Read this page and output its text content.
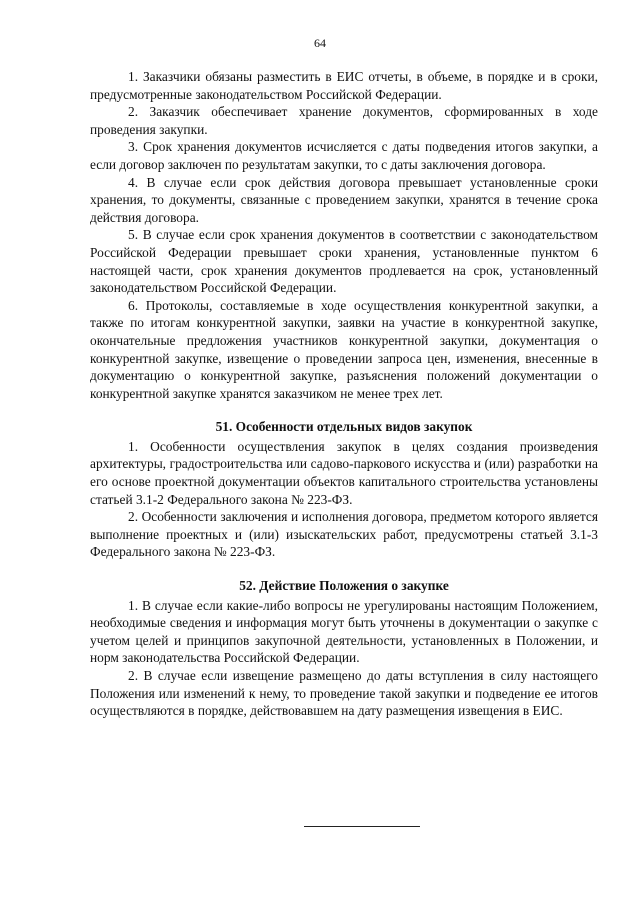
64

1. Заказчики обязаны разместить в ЕИС отчеты, в объеме, в порядке и в сроки, предусмотренные законодательством Российской Федерации.

2. Заказчик обеспечивает хранение документов, сформированных в ходе проведения закупки.

3. Срок хранения документов исчисляется с даты подведения итогов закупки, а если договор заключен по результатам закупки, то с даты заключения договора.

4. В случае если срок действия договора превышает установленные сроки хранения, то документы, связанные с проведением закупки, хранятся в течение срока действия договора.

5. В случае если срок хранения документов в соответствии с законодательством Российской Федерации превышает сроки хранения, установленные пунктом 6 настоящей части, срок хранения документов продлевается на срок, установленный законодательством Российской Федерации.

6. Протоколы, составляемые в ходе осуществления конкурентной закупки, а также по итогам конкурентной закупки, заявки на участие в конкурентной закупке, окончательные предложения участников конкурентной закупки, документация о конкурентной закупке, извещение о проведении запроса цен, изменения, внесенные в документацию о конкурентной закупке, разъяснения положений документации о конкурентной закупке хранятся заказчиком не менее трех лет.

51. Особенности отдельных видов закупок

1. Особенности осуществления закупок в целях создания произведения архитектуры, градостроительства или садово-паркового искусства и (или) разработки на его основе проектной документации объектов капитального строительства установлены статьей 3.1-2 Федерального закона № 223-ФЗ.

2. Особенности заключения и исполнения договора, предметом которого является выполнение проектных и (или) изыскательских работ, предусмотрены статьей 3.1-3 Федерального закона № 223-ФЗ.

52. Действие Положения о закупке

1. В случае если какие-либо вопросы не урегулированы настоящим Положением, необходимые сведения и информация могут быть уточнены в документации о закупке с учетом целей и принципов закупочной деятельности, установленных в Положении, и норм законодательства Российской Федерации.

2. В случае если извещение размещено до даты вступления в силу настоящего Положения или изменений к нему, то проведение такой закупки и подведение ее итогов осуществляются в порядке, действовавшем на дату размещения извещения в ЕИС.
